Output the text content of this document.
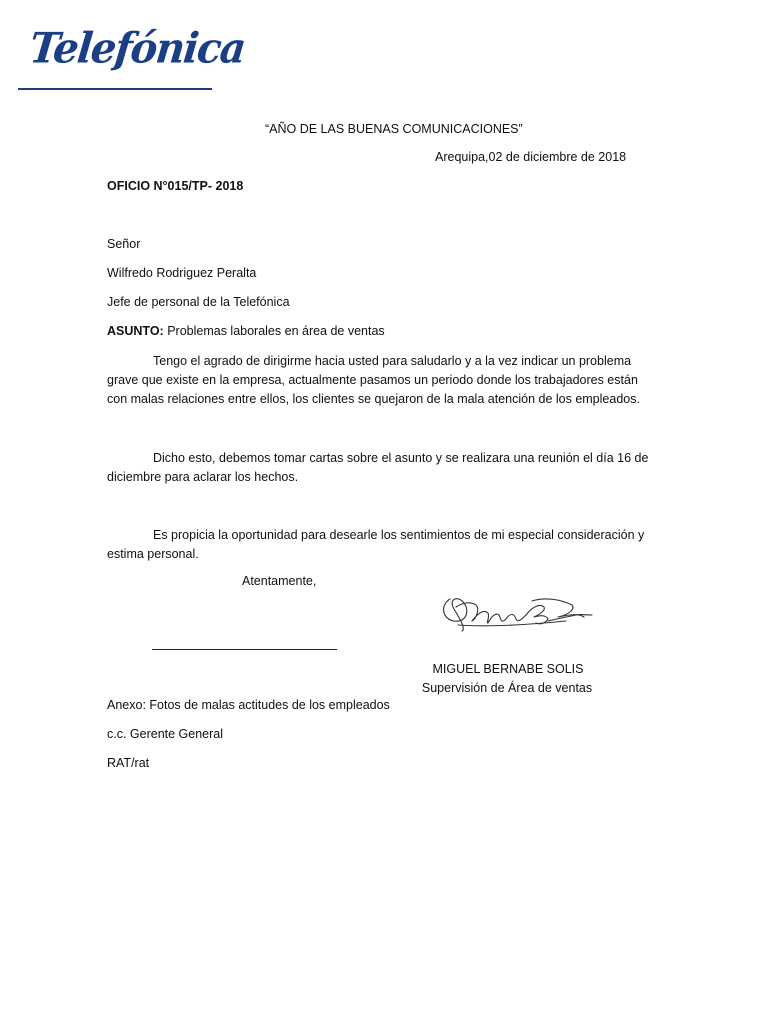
Telefónica
“AÑO DE LAS BUENAS COMUNICACIONES”
Arequipa,02 de diciembre de 2018
OFICIO N°015/TP- 2018
Señor
Wilfredo Rodriguez Peralta
Jefe de personal de la Telefónica
ASUNTO: Problemas laborales en área de ventas
Tengo el agrado de dirigirme hacia usted para saludarlo y a la vez indicar un problema grave que existe en la empresa, actualmente pasamos un periodo donde los trabajadores están con malas relaciones entre ellos, los clientes se quejaron de la mala atención de los empleados.
Dicho esto, debemos tomar cartas sobre el asunto y se realizara una reunión el día 16 de diciembre para aclarar los hechos.
Es propicia la oportunidad para desearle los sentimientos de mi especial consideración y estima personal.
Atentamente,
MIGUEL BERNABE SOLIS
Supervisión de Área de ventas
Anexo: Fotos de malas actitudes de los empleados
c.c. Gerente General
RAT/rat
